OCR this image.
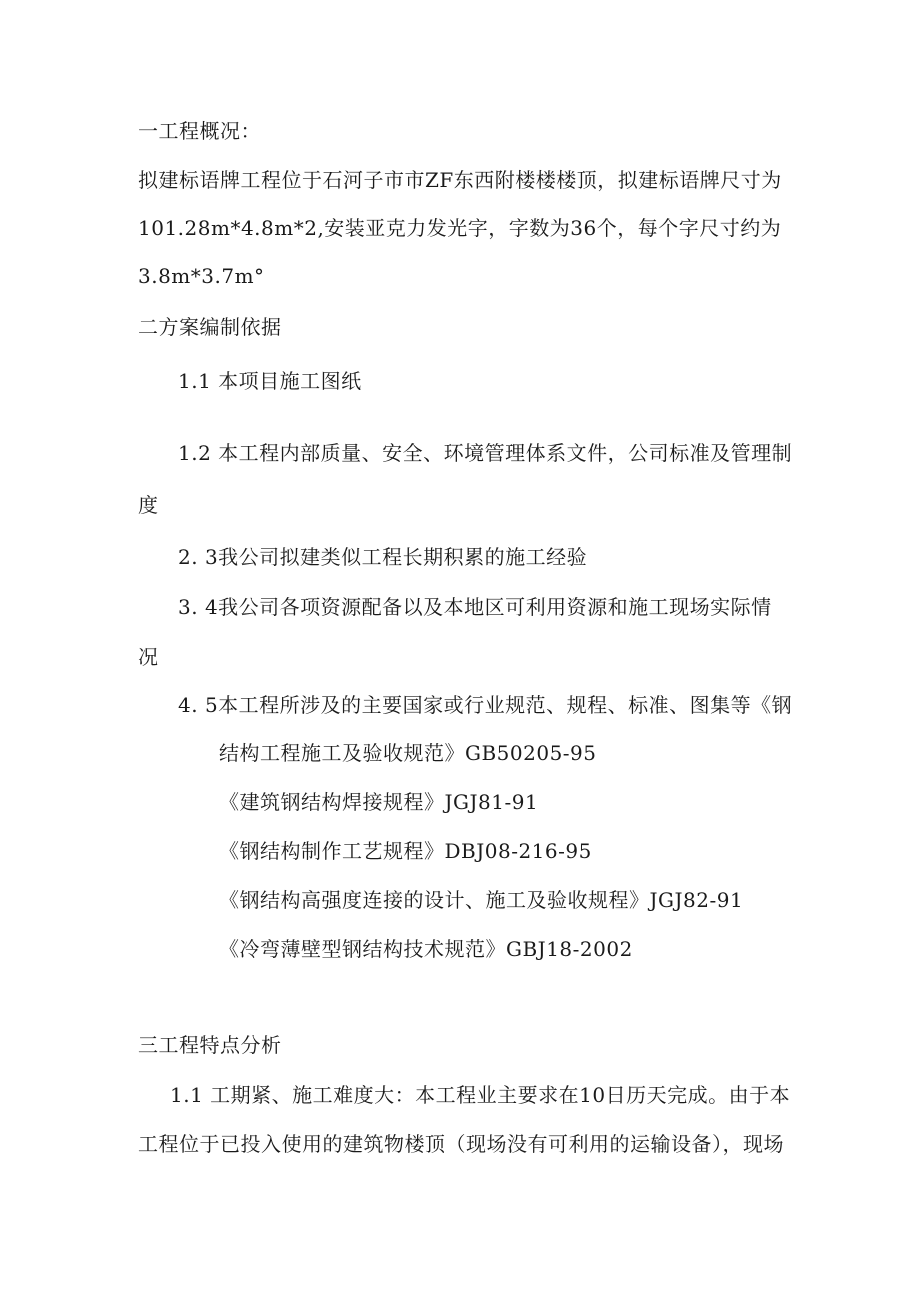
一工程概况：
拟建标语牌工程位于石河子市市ZF东西附楼楼楼顶，拟建标语牌尺寸为
101.28m*4.8m*2,安装亚克力发光字，字数为36个，每个字尺寸约为
3.8m*3.7m°
二方案编制依据
1.1 本项目施工图纸
1.2 本工程内部质量、安全、环境管理体系文件，公司标准及管理制
度
2. 3我公司拟建类似工程长期积累的施工经验
3. 4我公司各项资源配备以及本地区可利用资源和施工现场实际情
况
4. 5本工程所涉及的主要国家或行业规范、规程、标准、图集等《钢
结构工程施工及验收规范》GB50205-95
《建筑钢结构焊接规程》JGJ81-91
《钢结构制作工艺规程》DBJ08-216-95
《钢结构高强度连接的设计、施工及验收规程》JGJ82-91
《冷弯薄壁型钢结构技术规范》GBJ18-2002
三工程特点分析
1.1 工期紧、施工难度大：本工程业主要求在10日历天完成。由于本
工程位于已投入使用的建筑物楼顶（现场没有可利用的运输设备），现场
